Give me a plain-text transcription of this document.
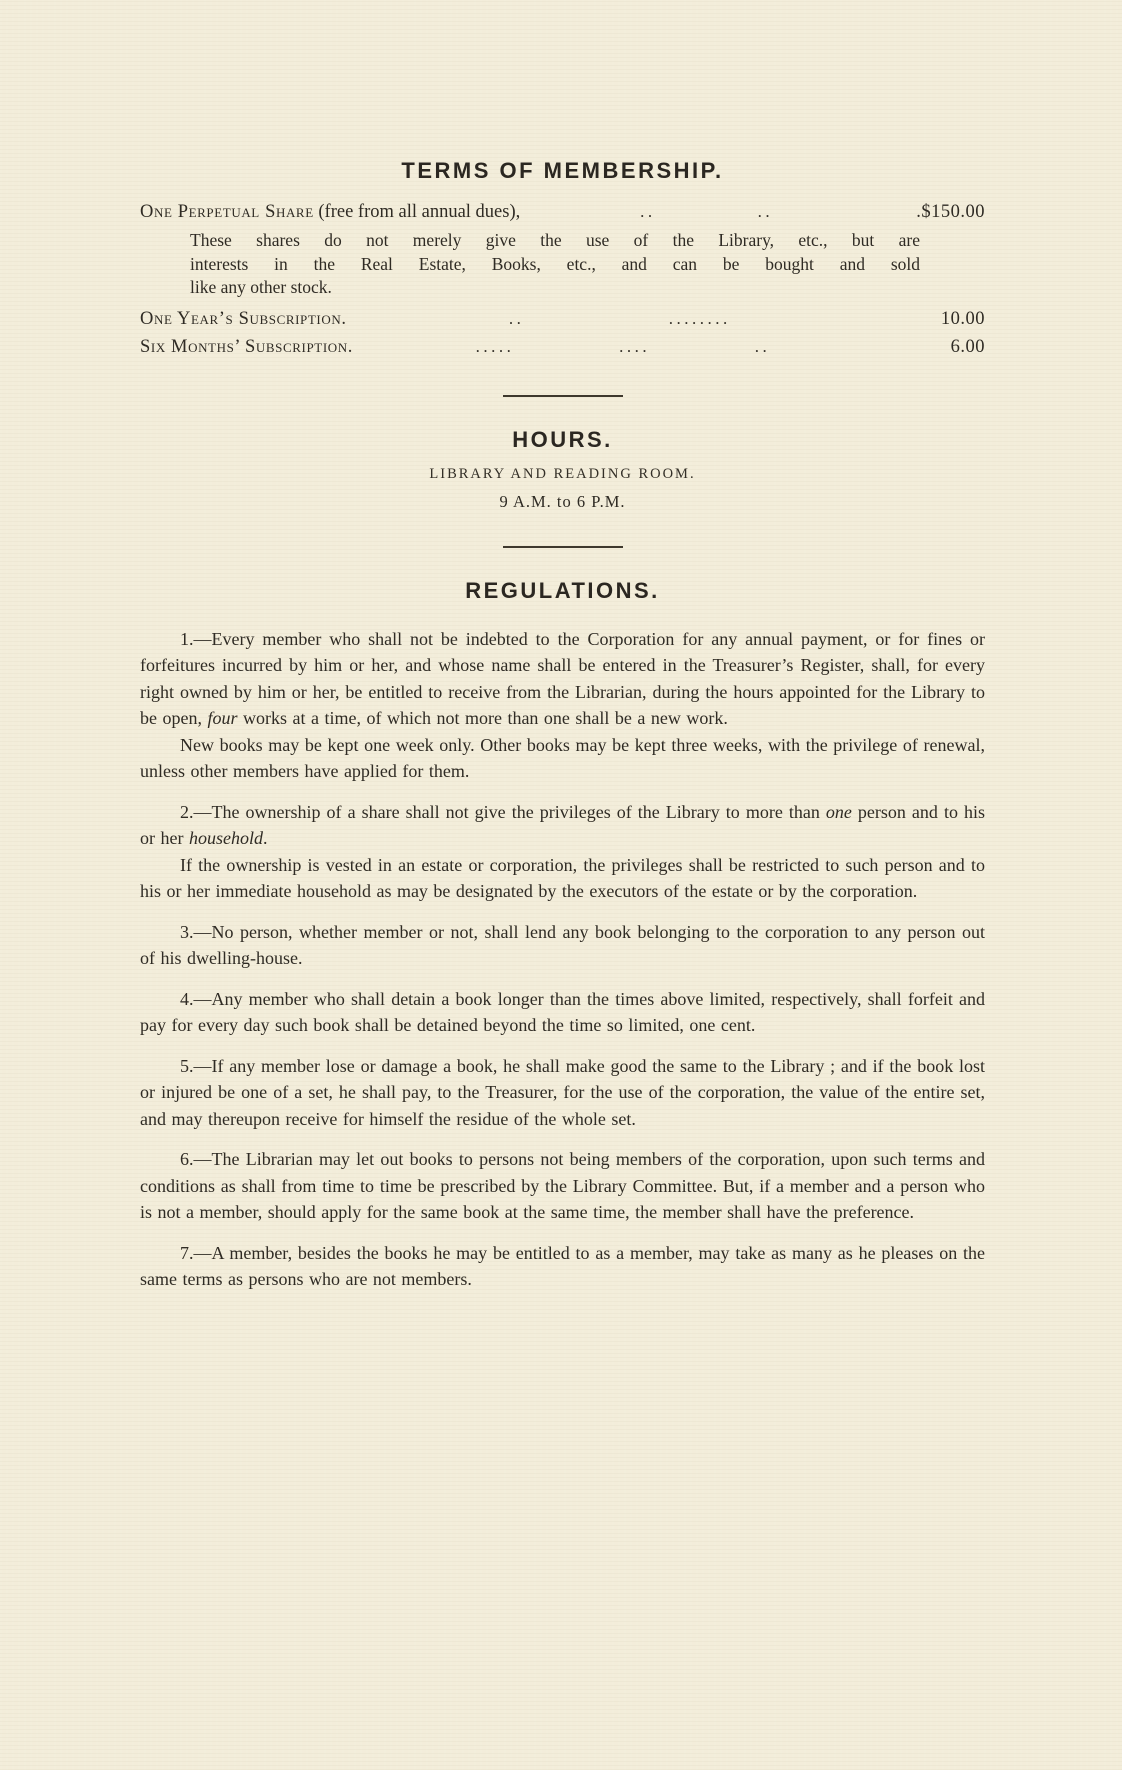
TERMS OF MEMBERSHIP.
One Perpetual Share (free from all annual dues),	..	..	.$150.00
These shares do not merely give the use of the Library, etc., but are
interests in the Real Estate, Books, etc., and can be bought and sold
like any other stock.
One Year’s Subscription.	..	........	10.00
Six Months’ Subscription.	.....	....	..	6.00
HOURS.
LIBRARY AND READING ROOM.
9 A.M. to 6 P.M.
REGULATIONS.

1.—Every member who shall not be indebted to the Corporation for any annual payment, or for fines or forfeitures incurred by him or her, and whose name shall be entered in the Treasurer’s Register, shall, for every right owned by him or her, be entitled to receive from the Librarian, during the hours appointed for the Library to be open, four works at a time, of which not more than one shall be a new work.

New books may be kept one week only. Other books may be kept three weeks, with the privilege of renewal, unless other members have applied for them.

2.—The ownership of a share shall not give the privileges of the Library to more than one person and to his or her household.

If the ownership is vested in an estate or corporation, the privileges shall be restricted to such person and to his or her immediate household as may be designated by the executors of the estate or by the corporation.

3.—No person, whether member or not, shall lend any book belonging to the corporation to any person out of his dwelling-house.

4.—Any member who shall detain a book longer than the times above limited, respectively, shall forfeit and pay for every day such book shall be detained beyond the time so limited, one cent.

5.—If any member lose or damage a book, he shall make good the same to the Library ; and if the book lost or injured be one of a set, he shall pay, to the Treasurer, for the use of the corporation, the value of the entire set, and may thereupon receive for himself the residue of the whole set.

6.—The Librarian may let out books to persons not being members of the corporation, upon such terms and conditions as shall from time to time be prescribed by the Library Committee. But, if a member and a person who is not a member, should apply for the same book at the same time, the member shall have the preference.

7.—A member, besides the books he may be entitled to as a member, may take as many as he pleases on the same terms as persons who are not members.
